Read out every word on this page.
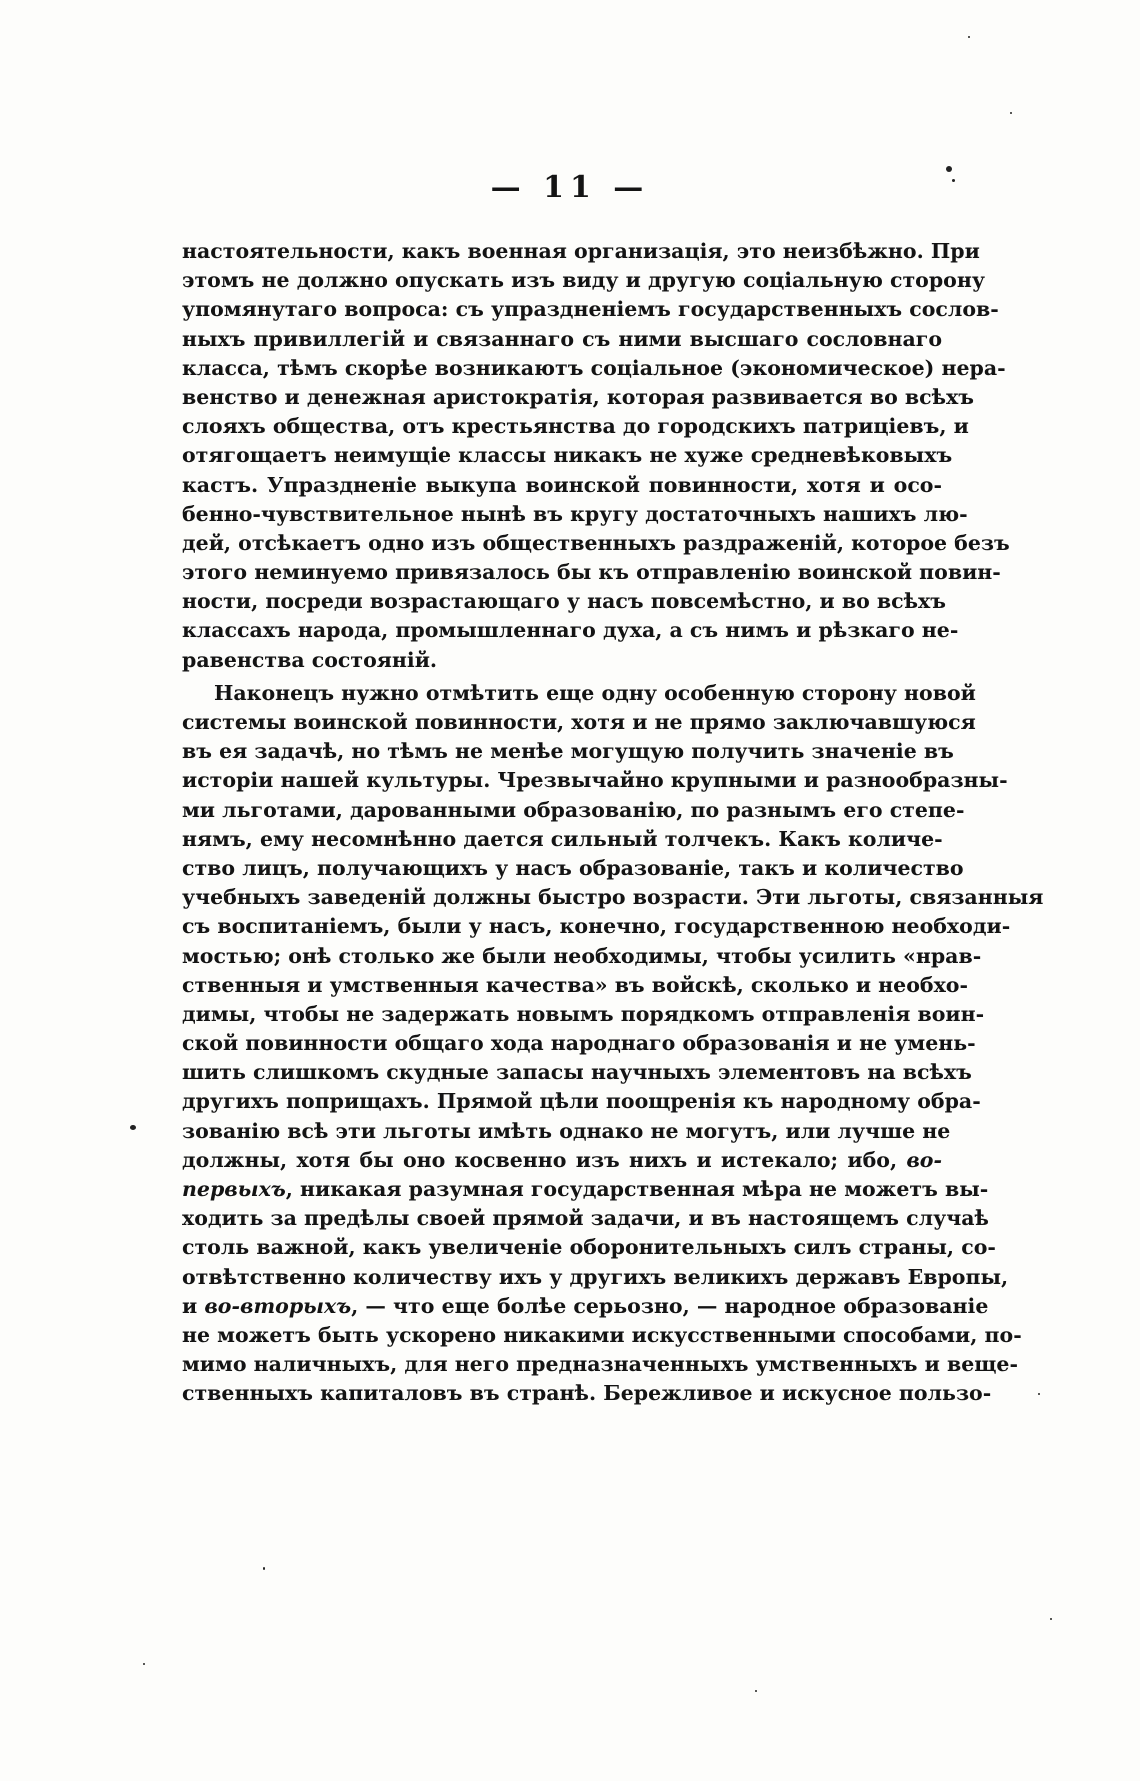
— 11 —
настоятельности, какъ военная организація, это неизбѣжно. При
этомъ не должно опускать изъ виду и другую соціальную сторону
упомянутаго вопроса: съ упраздненіемъ государственныхъ сослов-
ныхъ привиллегій и связаннаго съ ними высшаго сословнаго
класса, тѣмъ скорѣе возникаютъ соціальное (экономическое) нера-
венство и денежная аристократія, которая развивается во всѣхъ
слояхъ общества, отъ крестьянства до городскихъ патриціевъ, и
отягощаетъ неимущіе классы никакъ не хуже средневѣковыхъ
кастъ. Упраздненіе выкупа воинской повинности, хотя и осо-
бенно-чувствительное нынѣ въ кругу достаточныхъ нашихъ лю-
дей, отсѣкаетъ одно изъ общественныхъ раздраженій, которое безъ
этого неминуемо привязалось бы къ отправленію воинской повин-
ности, посреди возрастающаго у насъ повсемѣстно, и во всѣхъ
классахъ народа, промышленнаго духа, а съ нимъ и рѣзкаго не-
равенства состояній.
Наконецъ нужно отмѣтить еще одну особенную сторону новой
системы воинской повинности, хотя и не прямо заключавшуюся
въ ея задачѣ, но тѣмъ не менѣе могущую получить значеніе въ
исторіи нашей культуры. Чрезвычайно крупными и разнообразны-
ми льготами, дарованными образованію, по разнымъ его степе-
нямъ, ему несомнѣнно дается сильный толчекъ. Какъ количе-
ство лицъ, получающихъ у насъ образованіе, такъ и количество
учебныхъ заведеній должны быстро возрасти. Эти льготы, связанныя
съ воспитаніемъ, были у насъ, конечно, государственною необходи-
мостью; онѣ столько же были необходимы, чтобы усилить «нрав-
ственныя и умственныя качества» въ войскѣ, сколько и необхо-
димы, чтобы не задержать новымъ порядкомъ отправленія воин-
ской повинности общаго хода народнаго образованія и не умень-
шить слишкомъ скудные запасы научныхъ элементовъ на всѣхъ
другихъ поприщахъ. Прямой цѣли поощренія къ народному обра-
зованію всѣ эти льготы имѣть однако не могутъ, или лучше не
должны, хотя бы оно косвенно изъ нихъ и истекало; ибо, во-
первыхъ, никакая разумная государственная мѣра не можетъ вы-
ходить за предѣлы своей прямой задачи, и въ настоящемъ случаѣ
столь важной, какъ увеличеніе оборонительныхъ силъ страны, со-
отвѣтственно количеству ихъ у другихъ великихъ державъ Европы,
и во-вторыхъ, — что еще болѣе серьозно, — народное образованіе
не можетъ быть ускорено никакими искусственными способами, по-
мимо наличныхъ, для него предназначенныхъ умственныхъ и веще-
ственныхъ капиталовъ въ странѣ. Бережливое и искусное пользо-
